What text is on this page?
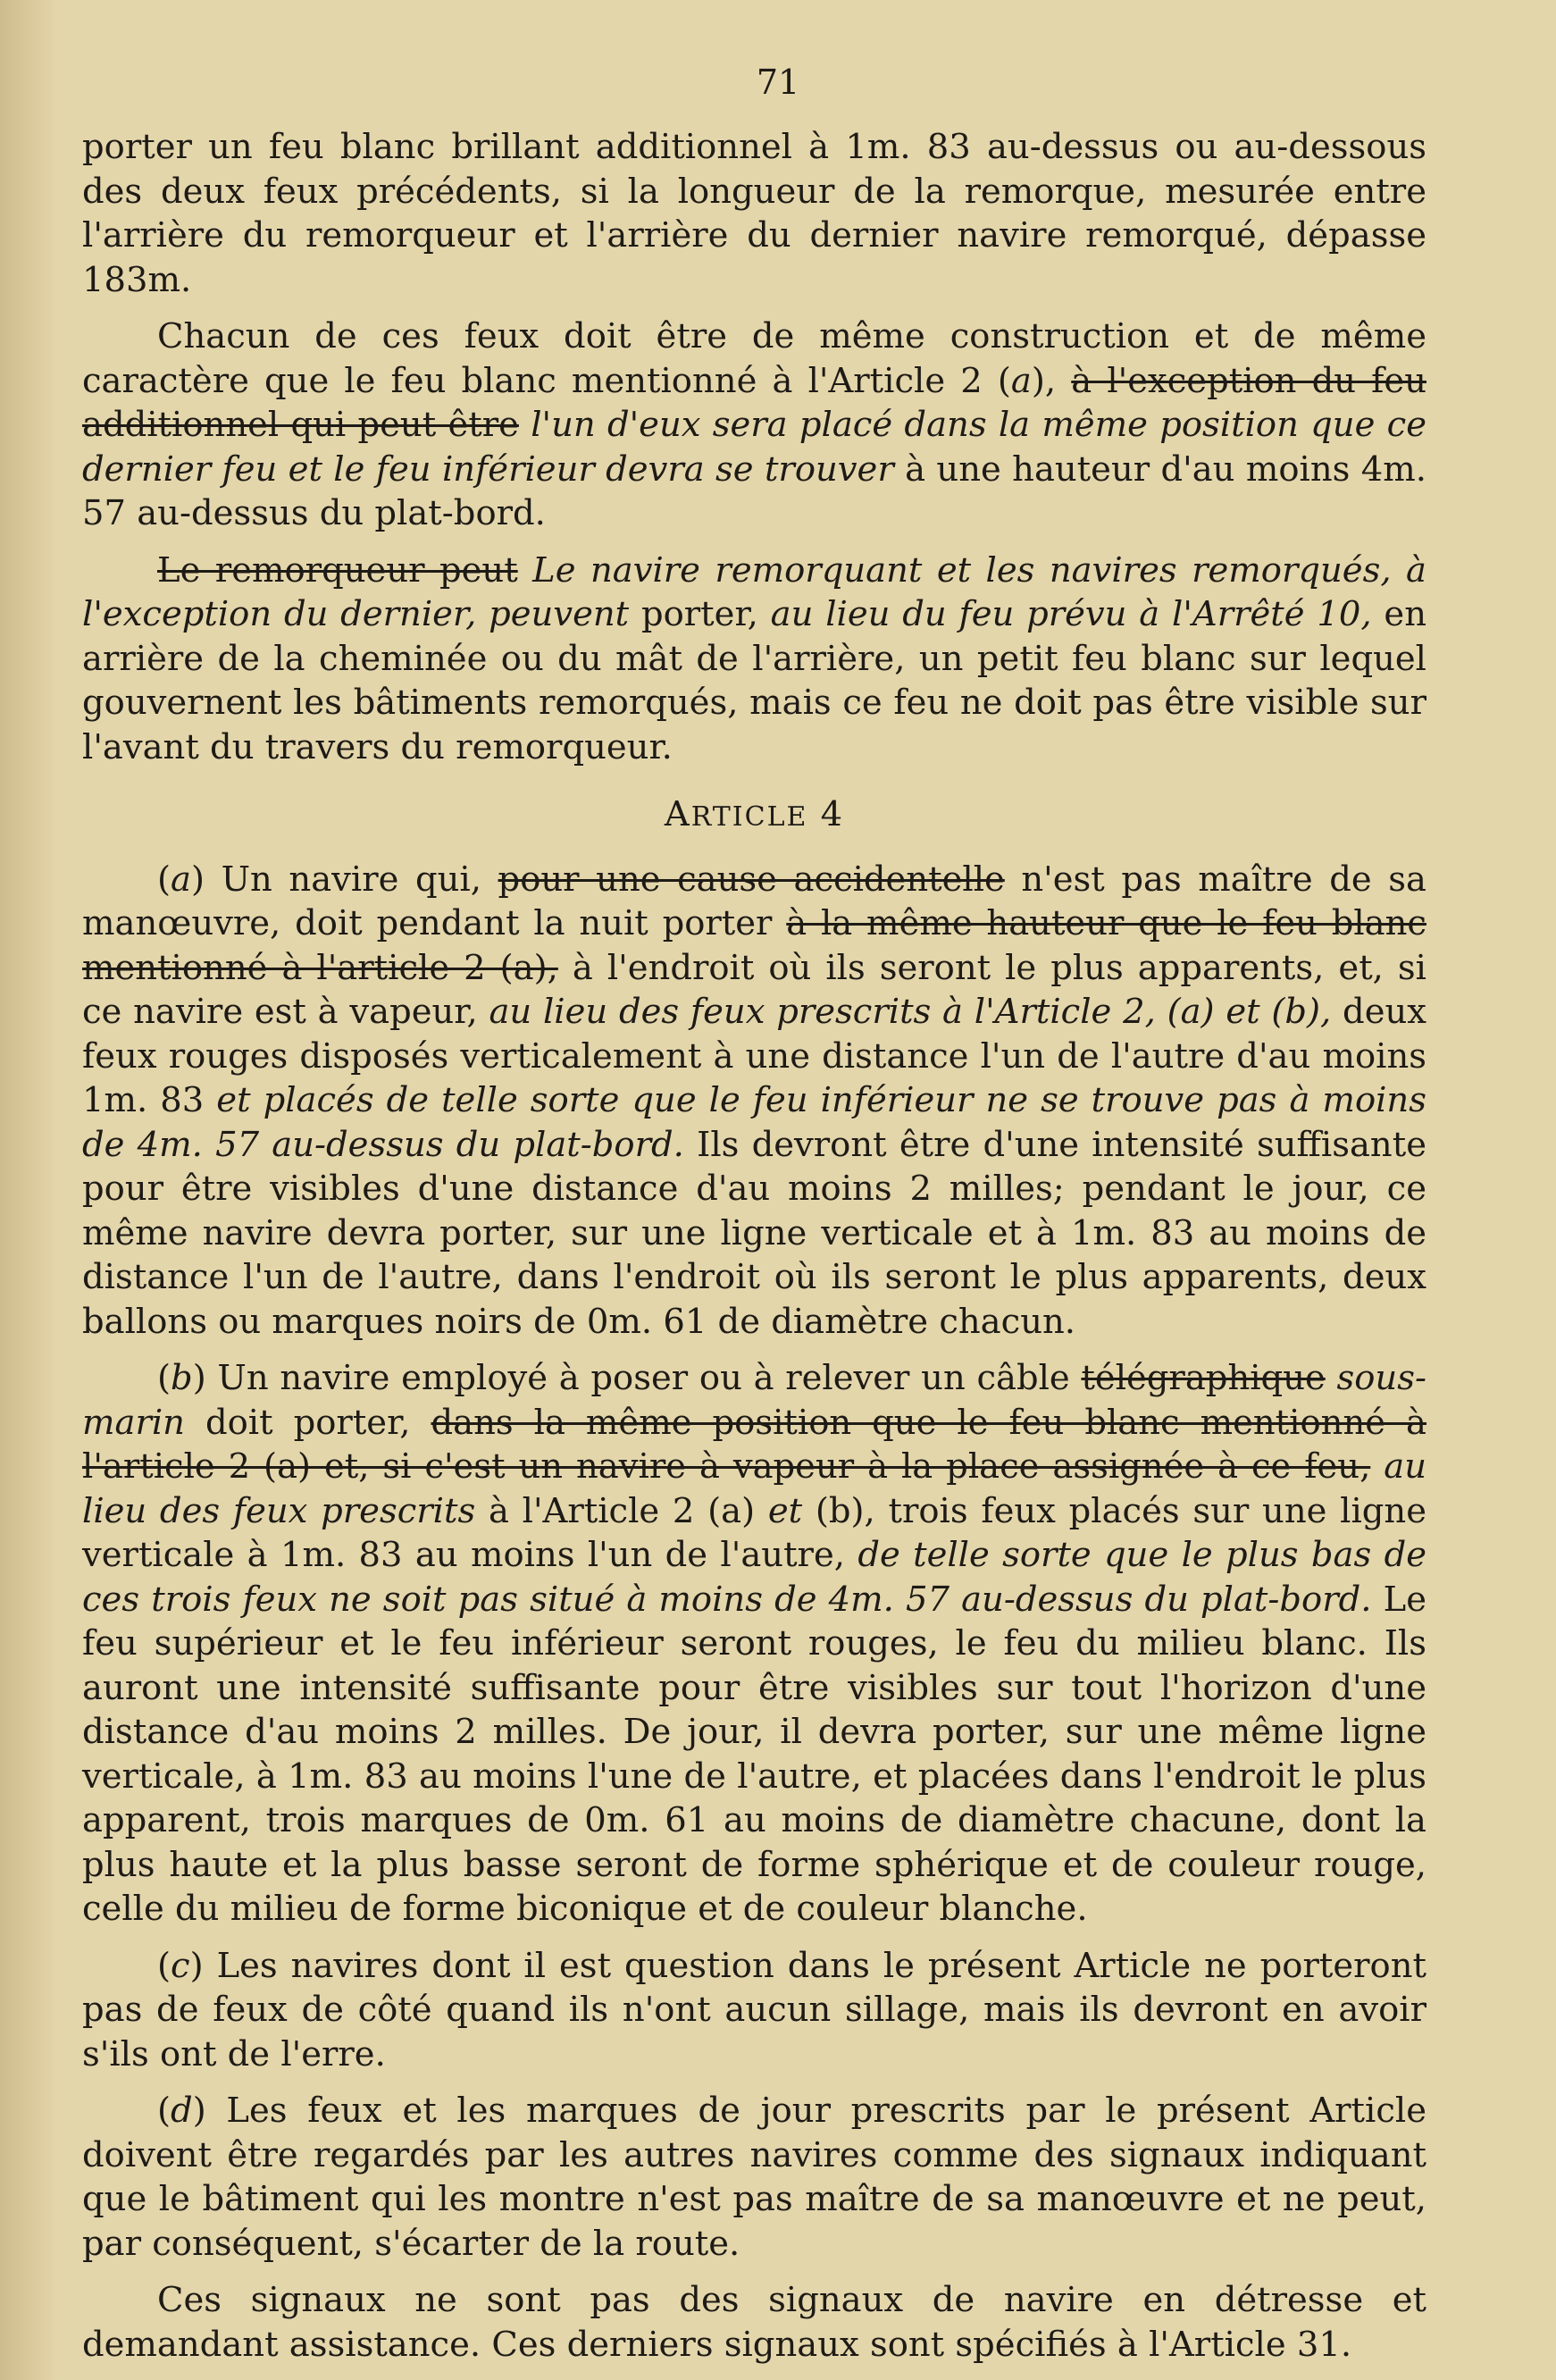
71

porter un feu blanc brillant additionnel à 1m. 83 au-dessus ou au-dessous des deux feux précédents, si la longueur de la remorque, mesurée entre l'arrière du remorqueur et l'arrière du dernier navire remorqué, dépasse 183m.

Chacun de ces feux doit être de même construction et de même caractère que le feu blanc mentionné à l'Article 2 (a), à l'exception du feu additionnel qui peut être l'un d'eux sera placé dans la même position que ce dernier feu et le feu inférieur devra se trouver à une hauteur d'au moins 4m. 57 au-dessus du plat-bord.

Le remorqueur peut Le navire remorquant et les navires remorqués, à l'exception du dernier, peuvent porter, au lieu du feu prévu à l'Arrêté 10, en arrière de la cheminée ou du mât de l'arrière, un petit feu blanc sur lequel gouvernent les bâtiments remorqués, mais ce feu ne doit pas être visible sur l'avant du travers du remorqueur.

ARTICLE 4

(a) Un navire qui, pour une cause accidentelle n'est pas maître de sa manœuvre, doit pendant la nuit porter à la même hauteur que le feu blanc mentionné à l'article 2 (a), à l'endroit où ils seront le plus apparents, et, si ce navire est à vapeur, au lieu des feux prescrits à l'Article 2, (a) et (b), deux feux rouges disposés verticalement à une distance l'un de l'autre d'au moins 1m. 83 et placés de telle sorte que le feu inférieur ne se trouve pas à moins de 4m. 57 au-dessus du plat-bord. Ils devront être d'une intensité suffisante pour être visibles d'une distance d'au moins 2 milles; pendant le jour, ce même navire devra porter, sur une ligne verticale et à 1m. 83 au moins de distance l'un de l'autre, dans l'endroit où ils seront le plus apparents, deux ballons ou marques noirs de 0m. 61 de diamètre chacun.

(b) Un navire employé à poser ou à relever un câble télégraphique sous-marin doit porter, dans la même position que le feu blanc mentionné à l'article 2 (a) et, si c'est un navire à vapeur à la place assignée à ce feu, au lieu des feux prescrits à l'Article 2 (a) et (b), trois feux placés sur une ligne verticale à 1m. 83 au moins l'un de l'autre, de telle sorte que le plus bas de ces trois feux ne soit pas situé à moins de 4m. 57 au-dessus du plat-bord. Le feu supérieur et le feu inférieur seront rouges, le feu du milieu blanc. Ils auront une intensité suffisante pour être visibles sur tout l'horizon d'une distance d'au moins 2 milles. De jour, il devra porter, sur une même ligne verticale, à 1m. 83 au moins l'une de l'autre, et placées dans l'endroit le plus apparent, trois marques de 0m. 61 au moins de diamètre chacune, dont la plus haute et la plus basse seront de forme sphérique et de couleur rouge, celle du milieu de forme biconique et de couleur blanche.

(c) Les navires dont il est question dans le présent Article ne porteront pas de feux de côté quand ils n'ont aucun sillage, mais ils devront en avoir s'ils ont de l'erre.

(d) Les feux et les marques de jour prescrits par le présent Article doivent être regardés par les autres navires comme des signaux indiquant que le bâtiment qui les montre n'est pas maître de sa manœuvre et ne peut, par conséquent, s'écarter de la route.

Ces signaux ne sont pas des signaux de navire en détresse et demandant assistance. Ces derniers signaux sont spécifiés à l'Article 31.
